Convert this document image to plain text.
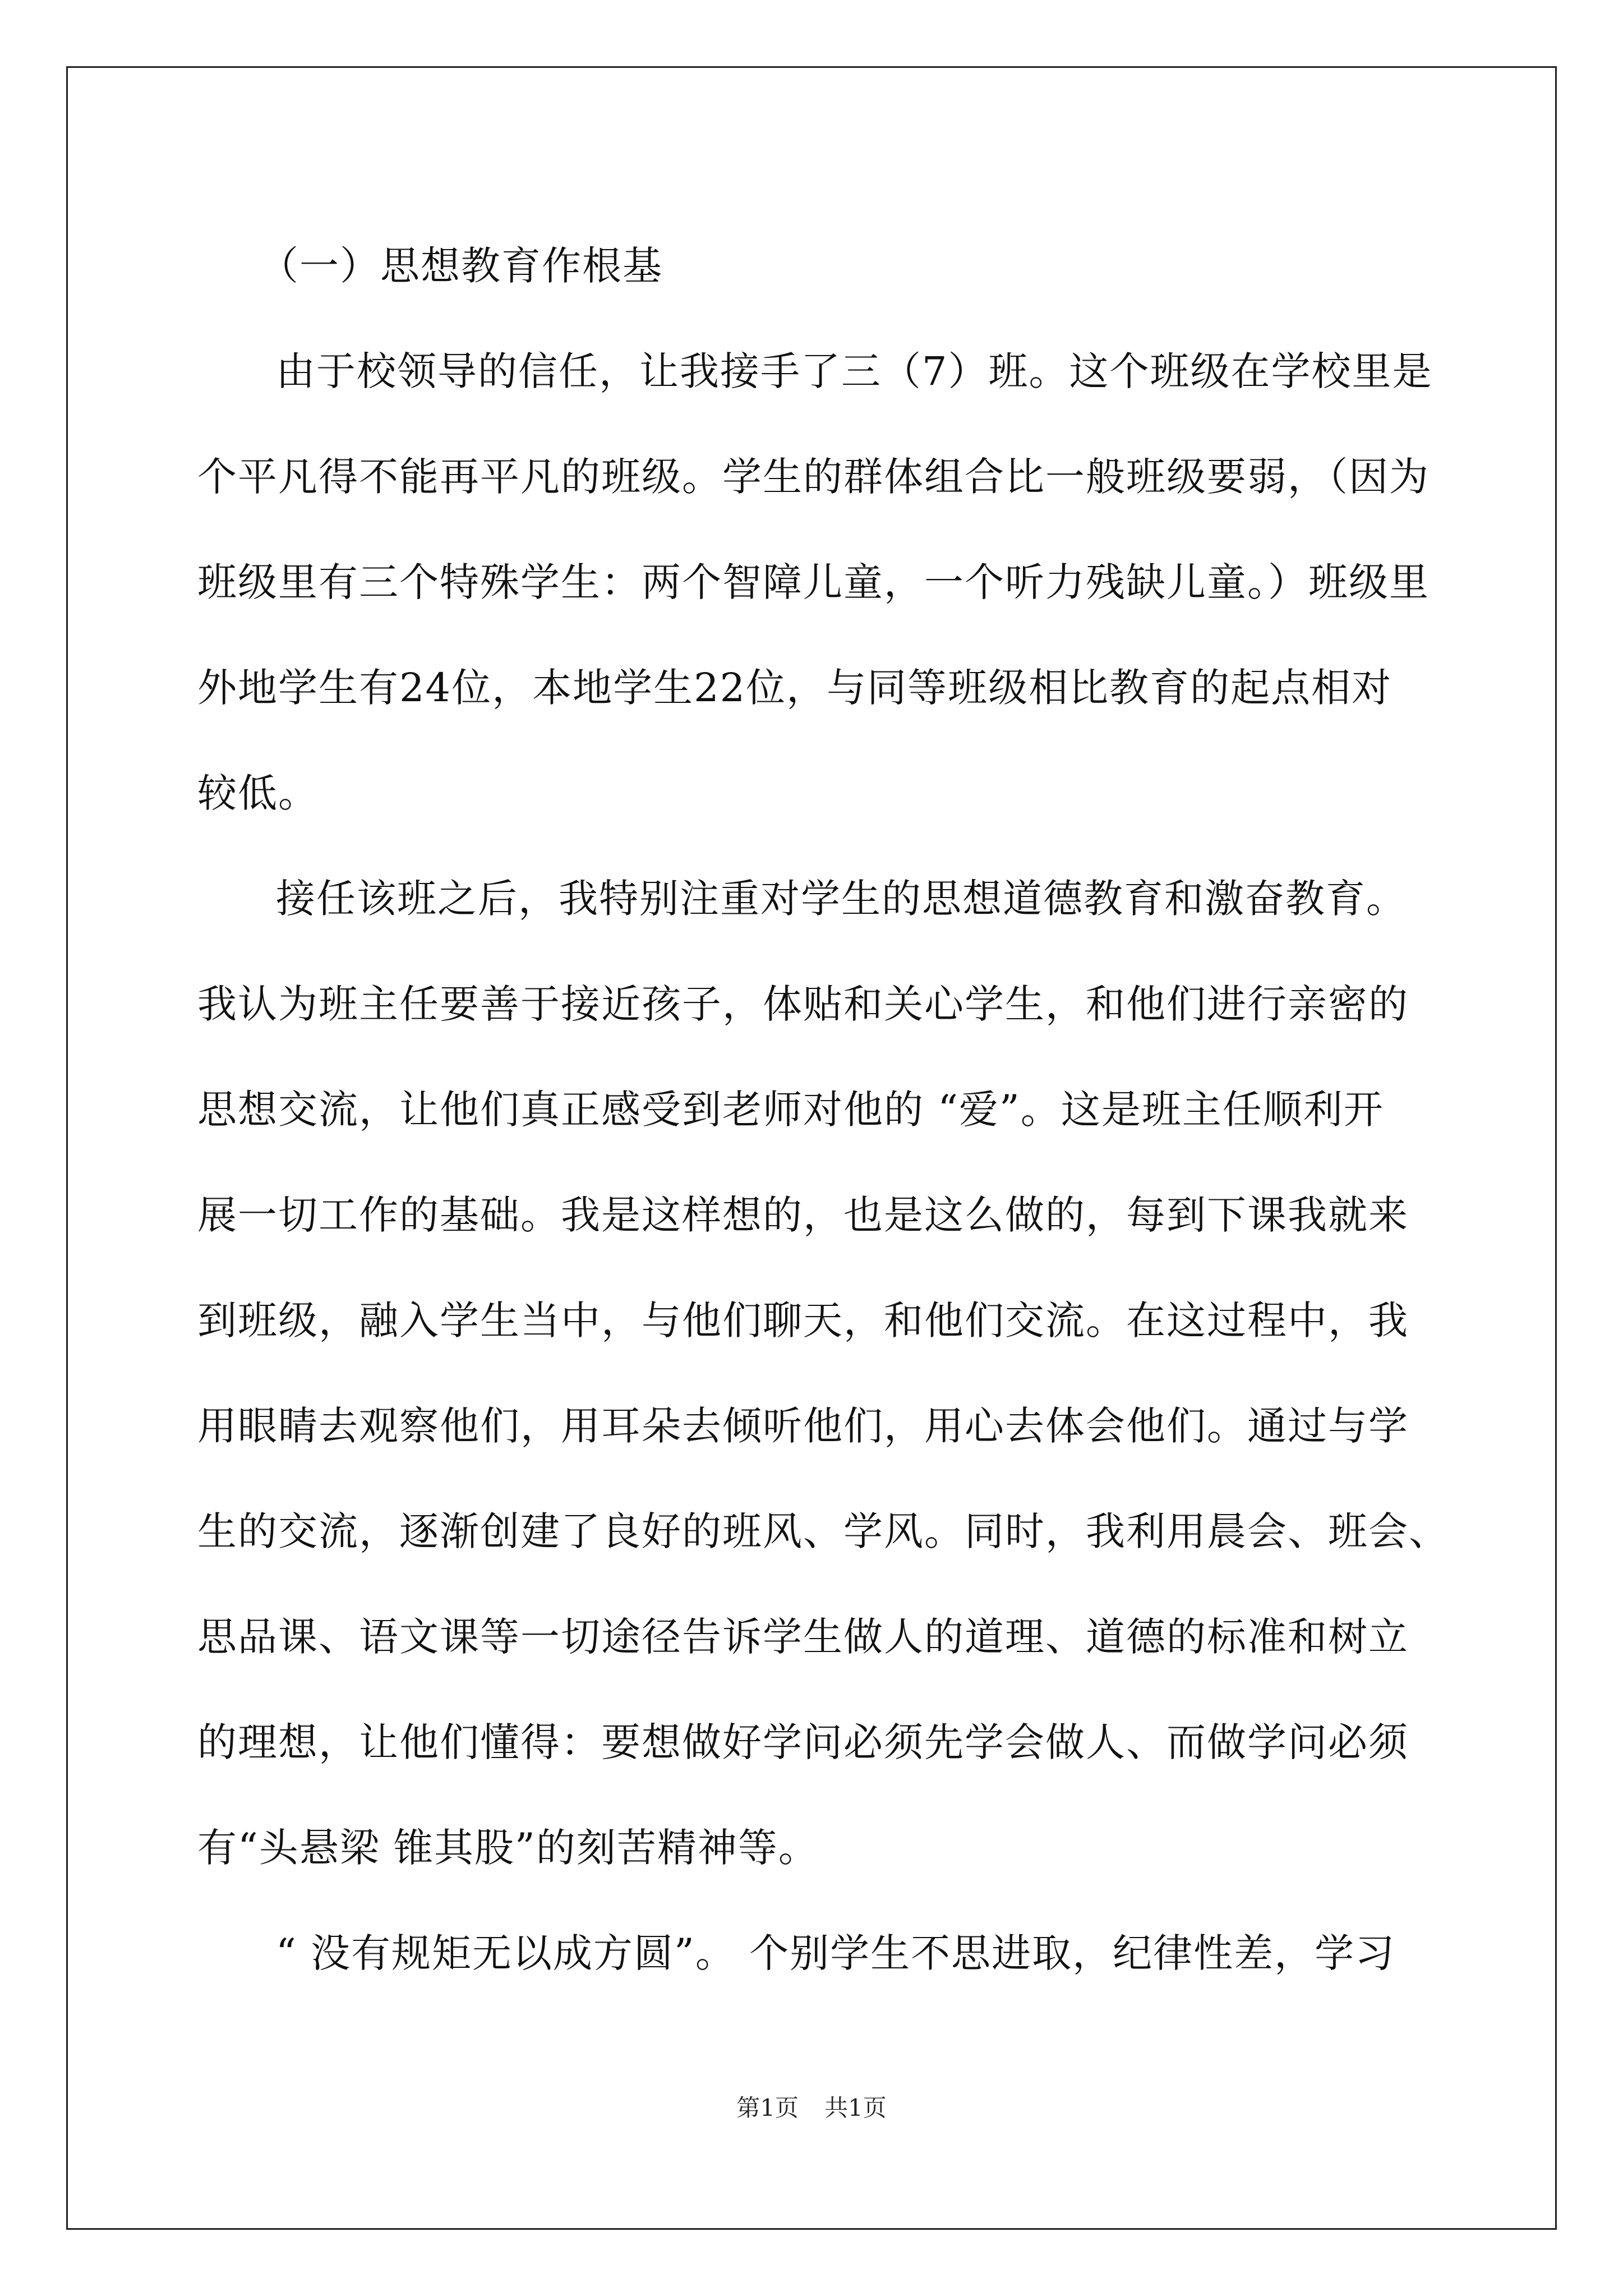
（一）思想教育作根基
由于校领导的信任，让我接手了三（7）班。这个班级在学校里是
个平凡得不能再平凡的班级。学生的群体组合比一般班级要弱，（因为
班级里有三个特殊学生：两个智障儿童，一个听力残缺儿童。）班级里
外地学生有24位，本地学生22位，与同等班级相比教育的起点相对
较低。
接任该班之后，我特别注重对学生的思想道德教育和激奋教育。
我认为班主任要善于接近孩子，体贴和关心学生，和他们进行亲密的
思想交流，让他们真正感受到老师对他的 “爱”。这是班主任顺利开
展一切工作的基础。我是这样想的，也是这么做的，每到下课我就来
到班级，融入学生当中，与他们聊天，和他们交流。在这过程中，我
用眼睛去观察他们，用耳朵去倾听他们，用心去体会他们。通过与学
生的交流，逐渐创建了良好的班风、学风。同时，我利用晨会、班会、
思品课、语文课等一切途径告诉学生做人的道理、道德的标准和树立
的理想，让他们懂得：要想做好学问必须先学会做人、而做学问必须
有“头悬梁 锥其股”的刻苦精神等。
“ 没有规矩无以成方圆”。 个别学生不思进取，纪律性差，学习
第1页 共1页
